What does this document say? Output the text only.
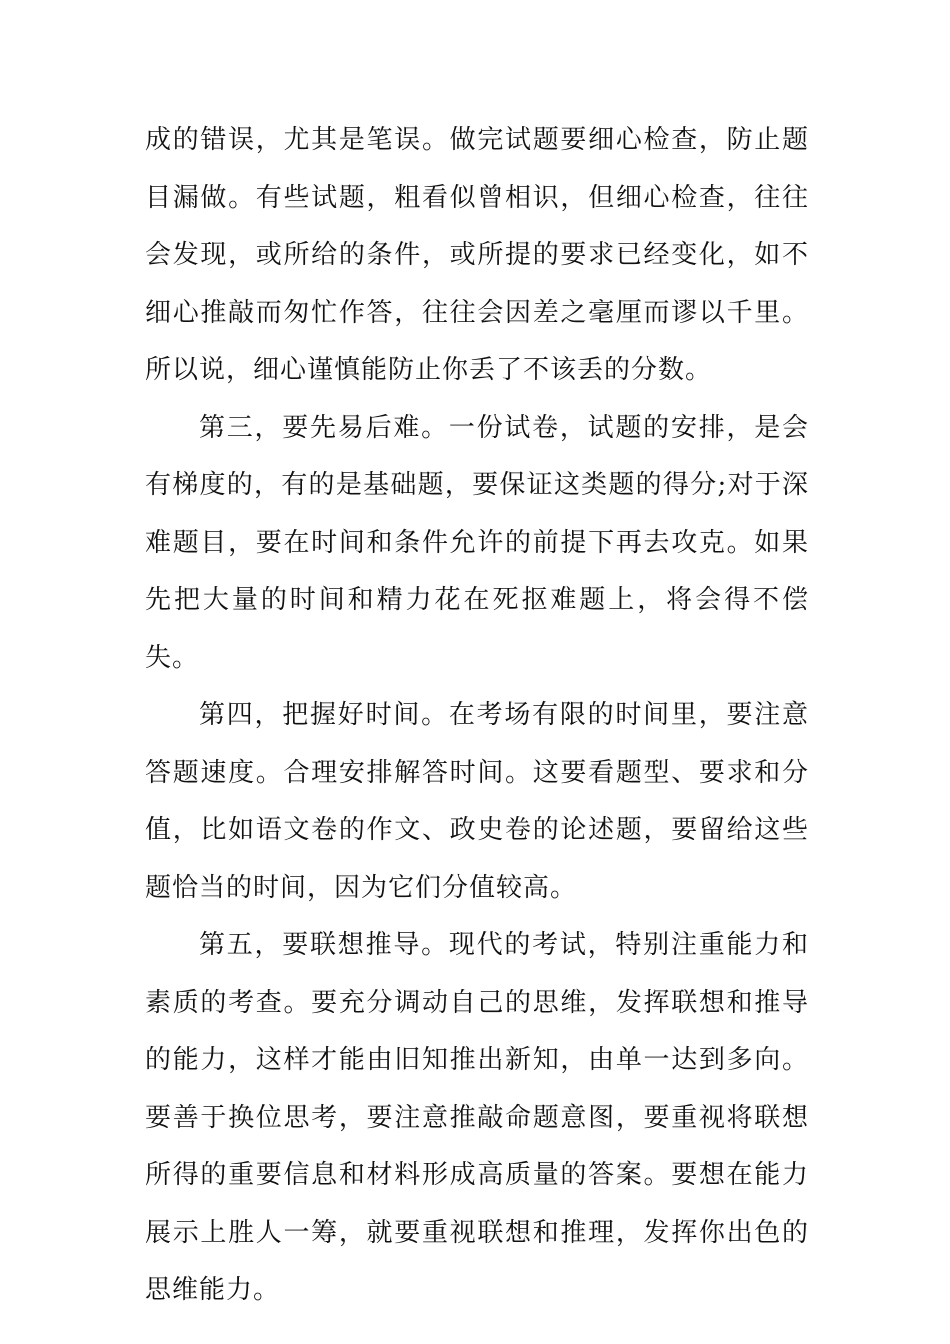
成的错误，尤其是笔误。做完试题要细心检查，防止题目漏做。有些试题，粗看似曾相识，但细心检查，往往会发现，或所给的条件，或所提的要求已经变化，如不细心推敲而匆忙作答，往往会因差之毫厘而谬以千里。所以说，细心谨慎能防止你丢了不该丢的分数。

第三，要先易后难。一份试卷，试题的安排，是会有梯度的，有的是基础题，要保证这类题的得分;对于深难题目，要在时间和条件允许的前提下再去攻克。如果先把大量的时间和精力花在死抠难题上，将会得不偿失。

第四，把握好时间。在考场有限的时间里，要注意答题速度。合理安排解答时间。这要看题型、要求和分值，比如语文卷的作文、政史卷的论述题，要留给这些题恰当的时间，因为它们分值较高。

第五，要联想推导。现代的考试，特别注重能力和素质的考查。要充分调动自己的思维，发挥联想和推导的能力，这样才能由旧知推出新知，由单一达到多向。要善于换位思考，要注意推敲命题意图，要重视将联想所得的重要信息和材料形成高质量的答案。要想在能力展示上胜人一筹，就要重视联想和推理，发挥你出色的思维能力。
